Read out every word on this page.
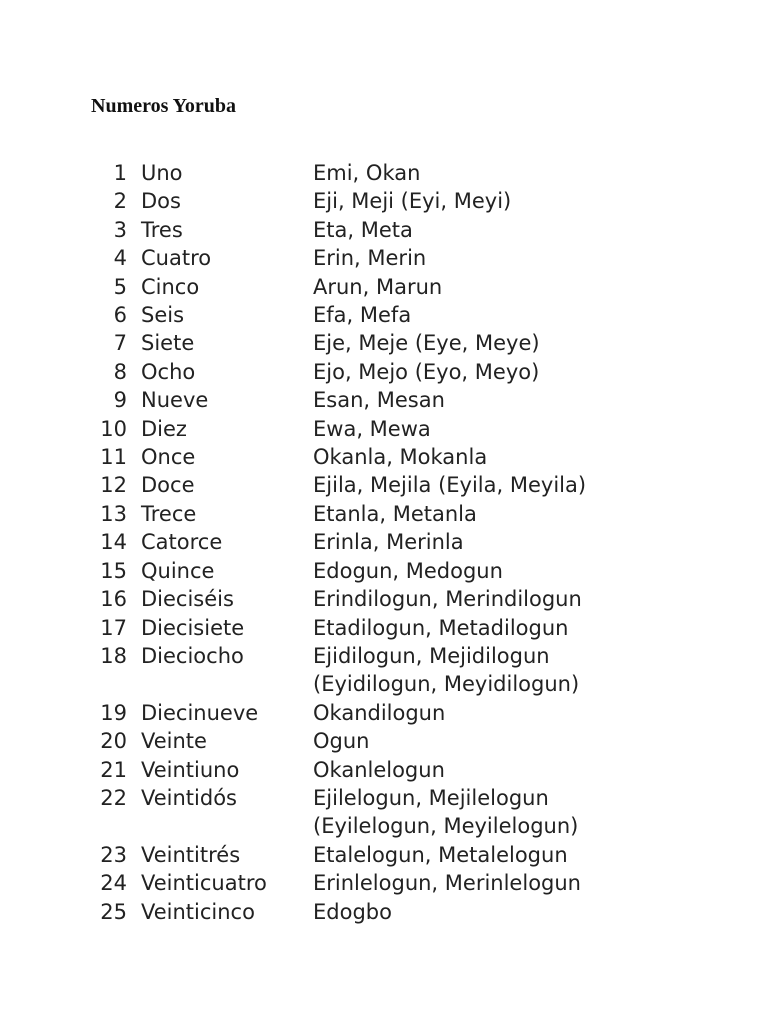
Numeros Yoruba
1 Uno	Emi, Okan
2 Dos	Eji, Meji (Eyi, Meyi)
3 Tres	Eta, Meta
4 Cuatro	Erin, Merin
5 Cinco	Arun, Marun
6 Seis	Efa, Mefa
7 Siete	Eje, Meje (Eye, Meye)
8 Ocho	Ejo, Mejo (Eyo, Meyo)
9 Nueve	Esan, Mesan
10 Diez	Ewa, Mewa
11 Once	Okanla, Mokanla
12 Doce	Ejila, Mejila (Eyila, Meyila)
13 Trece	Etanla, Metanla
14 Catorce	Erinla, Merinla
15 Quince	Edogun, Medogun
16 Dieciséis	Erindilogun, Merindilogun
17 Diecisiete	Etadilogun, Metadilogun
18 Dieciocho	Ejidilogun, Mejidilogun
(Eyidilogun, Meyidilogun)
19 Diecinueve	Okandilogun
20 Veinte	Ogun
21 Veintiuno	Okanlelogun
22 Veintidós	Ejilelogun, Mejilelogun
(Eyilelogun, Meyilelogun)
23 Veintitrés	Etalelogun, Metalelogun
24 Veinticuatro	Erinlelogun, Merinlelogun
25 Veinticinco	Edogbo
